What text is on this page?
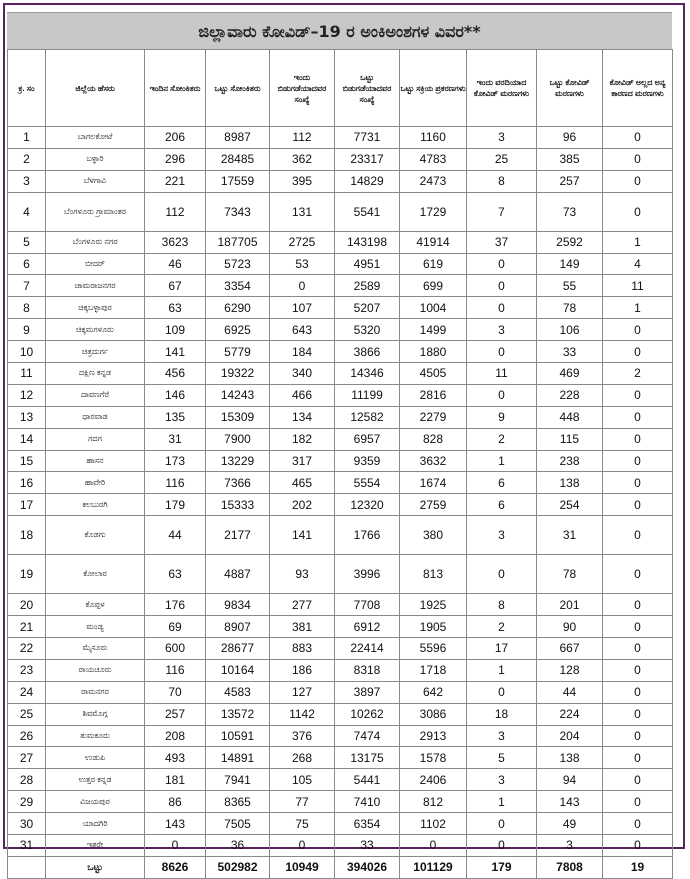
ಜಿಲ್ಲಾವಾರು ಕೋವಿಡ್–19 ರ ಅಂಕಿಅಂಶಗಳ ವಿವರ**
ಕ್ರ. ಸಂ	ಜಿಲ್ಲೆಯ ಹೆಸರು	ಇಂದಿನ ಸೋಂಕಿತರು	ಒಟ್ಟು ಸೋಂಕಿತರು	ಇಂದು ಬಿಡುಗಡೆಯಾದವರ ಸಂಖ್ಯೆ	ಒಟ್ಟು ಬಿಡುಗಡೆಯಾದವರ ಸಂಖ್ಯೆ	ಒಟ್ಟು ಸಕ್ರಿಯ ಪ್ರಕರಣಗಳು	ಇಂದು ವರದಿಯಾದ ಕೋವಿಡ್ ಮರಣಗಳು	ಒಟ್ಟು ಕೋವಿಡ್ ಮರಣಗಳು	ಕೋವಿಡ್ ಅಲ್ಲದ ಅನ್ಯ ಕಾರಣದ ಮರಣಗಳು
1	ಬಾಗಲಕೋಟೆ	206	8987	112	7731	1160	3	96	0
2	ಬಳ್ಳಾರಿ	296	28485	362	23317	4783	25	385	0
3	ಬೆಳಗಾವಿ	221	17559	395	14829	2473	8	257	0
4	ಬೆಂಗಳೂರು ಗ್ರಾಮಾಂತರ	112	7343	131	5541	1729	7	73	0
5	ಬೆಂಗಳೂರು ನಗರ	3623	187705	2725	143198	41914	37	2592	1
6	ಬೀದರ್	46	5723	53	4951	619	0	149	4
7	ಚಾಮರಾಜನಗರ	67	3354	0	2589	699	0	55	11
8	ಚಿಕ್ಕಬಳ್ಳಾಪುರ	63	6290	107	5207	1004	0	78	1
9	ಚಿಕ್ಕಮಗಳೂರು	109	6925	643	5320	1499	3	106	0
10	ಚಿತ್ರದುರ್ಗ	141	5779	184	3866	1880	0	33	0
11	ದಕ್ಷಿಣ ಕನ್ನಡ	456	19322	340	14346	4505	11	469	2
12	ದಾವಣಗೆರೆ	146	14243	466	11199	2816	0	228	0
13	ಧಾರವಾಡ	135	15309	134	12582	2279	9	448	0
14	ಗದಗ	31	7900	182	6957	828	2	115	0
15	ಹಾಸನ	173	13229	317	9359	3632	1	238	0
16	ಹಾವೇರಿ	116	7366	465	5554	1674	6	138	0
17	ಕಲಬುರಗಿ	179	15333	202	12320	2759	6	254	0
18	ಕೊಡಗು	44	2177	141	1766	380	3	31	0
19	ಕೋಲಾರ	63	4887	93	3996	813	0	78	0
20	ಕೊಪ್ಪಳ	176	9834	277	7708	1925	8	201	0
21	ಮಂಡ್ಯ	69	8907	381	6912	1905	2	90	0
22	ಮೈಸೂರು	600	28677	883	22414	5596	17	667	0
23	ರಾಯಚೂರು	116	10164	186	8318	1718	1	128	0
24	ರಾಮನಗರ	70	4583	127	3897	642	0	44	0
25	ಶಿವಮೊಗ್ಗ	257	13572	1142	10262	3086	18	224	0
26	ತುಮಕೂರು	208	10591	376	7474	2913	3	204	0
27	ಉಡುಪಿ	493	14891	268	13175	1578	5	138	0
28	ಉತ್ತರ ಕನ್ನಡ	181	7941	105	5441	2406	3	94	0
29	ವಿಜಯಪುರ	86	8365	77	7410	812	1	143	0
30	ಯಾದಗಿರಿ	143	7505	75	6354	1102	0	49	0
31	ಇತರೇ	0	36	0	33	0	0	3	0
	ಒಟ್ಟು	8626	502982	10949	394026	101129	179	7808	19
